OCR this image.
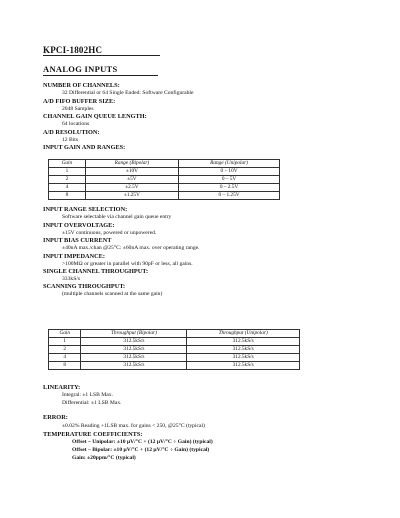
KPCI-1802HC
ANALOG INPUTS
NUMBER OF CHANNELS:
32 Differential or 64 Single Ended: Software Configurable
A/D FIFO BUFFER SIZE:
2048 Samples
CHANNEL GAIN QUEUE LENGTH:
64 locations
A/D RESOLUTION:
12 Bits
INPUT GAIN AND RANGES:
Gain	Range (Bipolar)	Range (Unipolar)
1	±10V	0 – 10V
2	±5V	0 – 5V
4	±2.5V	0 – 2.5V
8	±1.25V	0 – 1.25V
INPUT RANGE SELECTION:
Software selectable via channel gain queue entry
INPUT OVERVOLTAGE:
±15V continuous, powered or unpowered.
INPUT BIAS CURRENT
±40nA max./chan @25°C: ±60nA max. over operating range.
INPUT IMPEDANCE:
>100MΩ or greater in parallel with 90pF or less, all gains.
SINGLE CHANNEL THROUGHPUT:
333kS/s
SCANNING THROUGHPUT:
(multiple channels scanned at the same gain)
Gain	Throughput (Bipolar)	Throughput (Unipolar)
1	312.5kS/s	312.5kS/s
2	312.5kS/s	312.5kS/s
4	312.5kS/s	312.5kS/s
8	312.5kS/s	312.5kS/s
LINEARITY:
Integral: ±1 LSB Max.
Differential: ±1 LSB Max.
ERROR:
±0.02% Reading +1LSB max. for gains < 250, @25°C (typical)
TEMPERATURE COEFFICIENTS:
Offset – Unipolar: ±10 μV/°C + (12 μV/°C ÷ Gain) (typical)
Offset – Bipolar: ±10 μV/°C + (12 μV/°C ÷ Gain) (typical)
Gain: ±20ppm/°C (typical)
